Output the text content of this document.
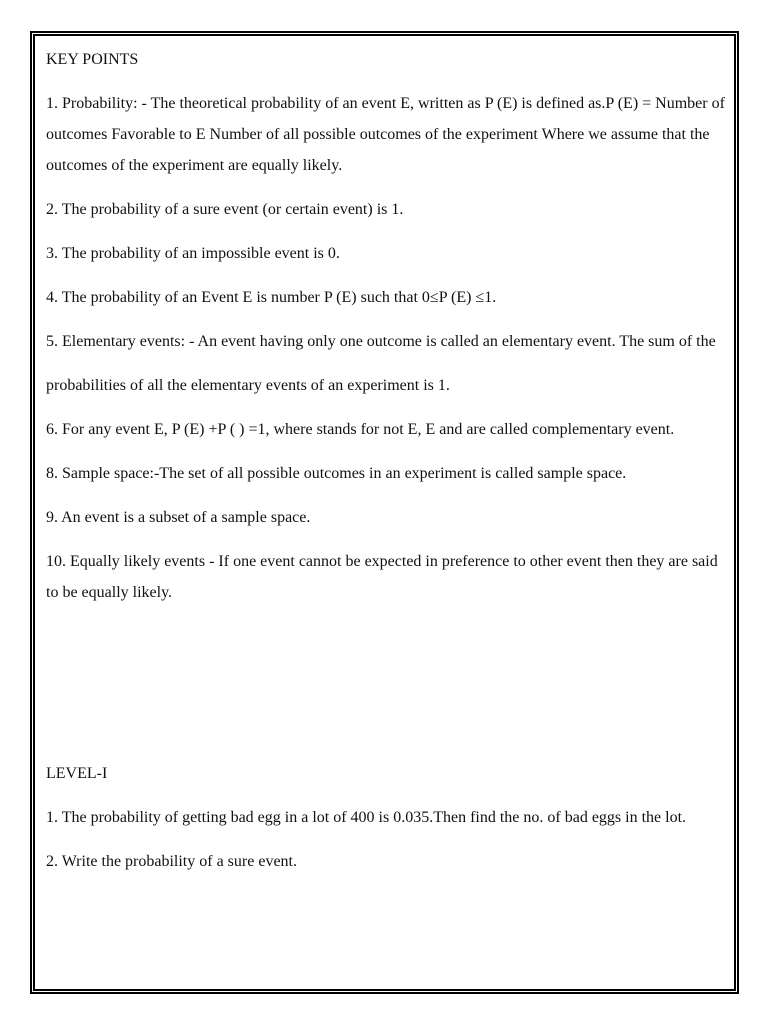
KEY POINTS

1. Probability: - The theoretical probability of an event E, written as P (E) is defined as.P (E) = Number of outcomes Favorable to E Number of all possible outcomes of the experiment Where we assume that the outcomes of the experiment are equally likely.

2. The probability of a sure event (or certain event) is 1.

3. The probability of an impossible event is 0.

4. The probability of an Event E is number P (E) such that 0≤P (E) ≤1.

5. Elementary events: - An event having only one outcome is called an elementary event. The sum of the

probabilities of all the elementary events of an experiment is 1.

6. For any event E, P (E) +P ( ) =1, where stands for not E, E and are called complementary event.

8. Sample space:-The set of all possible outcomes in an experiment is called sample space.

9. An event is a subset of a sample space.

10. Equally likely events - If one event cannot be expected in preference to other event then they are said to be equally likely.

LEVEL-I

1. The probability of getting bad egg in a lot of 400 is 0.035.Then find the no. of bad eggs in the lot.

2. Write the probability of a sure event.
